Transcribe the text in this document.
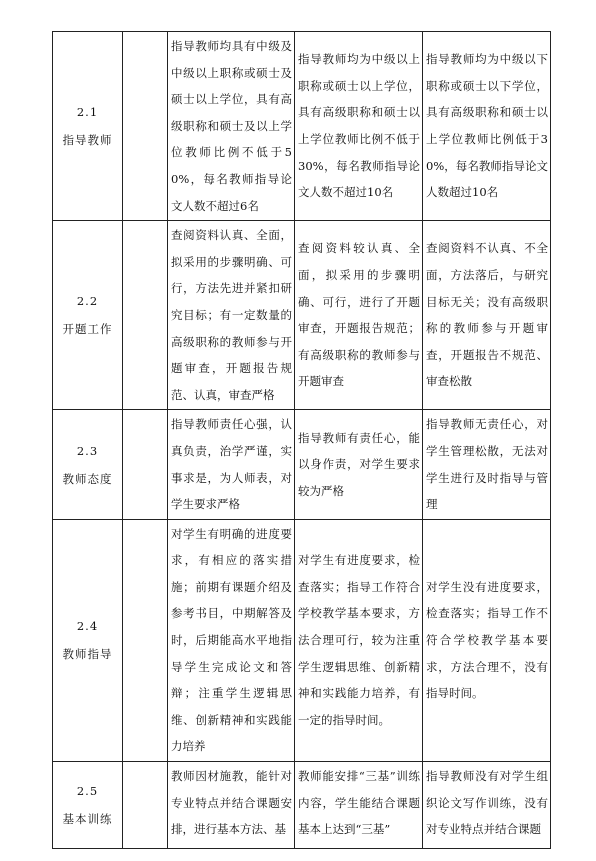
2.1
指导教师		指导教师均具有中级及中级以上职称或硕士及硕士以上学位，具有高级职称和硕士及以上学位教师比例不低于50%，每名教师指导论文人数不超过6名	指导教师均为中级以上职称或硕士以上学位，具有高级职称和硕士以上学位教师比例不低于30%，每名教师指导论文人数不超过10名	指导教师均为中级以下职称或硕士以下学位，具有高级职称和硕士以上学位教师比例低于30%，每名教师指导论文人数超过10名

2.2
开题工作		查阅资料认真、全面，拟采用的步骤明确、可行，方法先进并紧扣研究目标；有一定数量的高级职称的教师参与开题审查，开题报告规范、认真，审查严格	查阅资料较认真、全面，拟采用的步骤明确、可行，进行了开题审查，开题报告规范；有高级职称的教师参与开题审查	查阅资料不认真、不全面，方法落后，与研究目标无关；没有高级职称的教师参与开题审查，开题报告不规范、审查松散

2.3
教师态度		指导教师责任心强，认真负责，治学严谨，实事求是，为人师表，对学生要求严格	指导教师有责任心，能以身作责，对学生要求较为严格	指导教师无责任心，对学生管理松散，无法对学生进行及时指导与管理

2.4
教师指导		对学生有明确的进度要求，有相应的落实措施；前期有课题介绍及参考书目，中期解答及时，后期能高水平地指导学生完成论文和答辩；注重学生逻辑思维、创新精神和实践能力培养	对学生有进度要求，检查落实；指导工作符合学校教学基本要求，方法合理可行，较为注重学生逻辑思维、创新精神和实践能力培养，有一定的指导时间。	对学生没有进度要求，检查落实；指导工作不符合学校教学基本要求，方法合理不，没有指导时间。

2.5
基本训练		教师因材施教，能针对专业特点并结合课题安排，进行基本方法、基	教师能安排“三基”训练内容，学生能结合课题基本上达到“三基”	指导教师没有对学生组织论文写作训练，没有对专业特点并结合课题
